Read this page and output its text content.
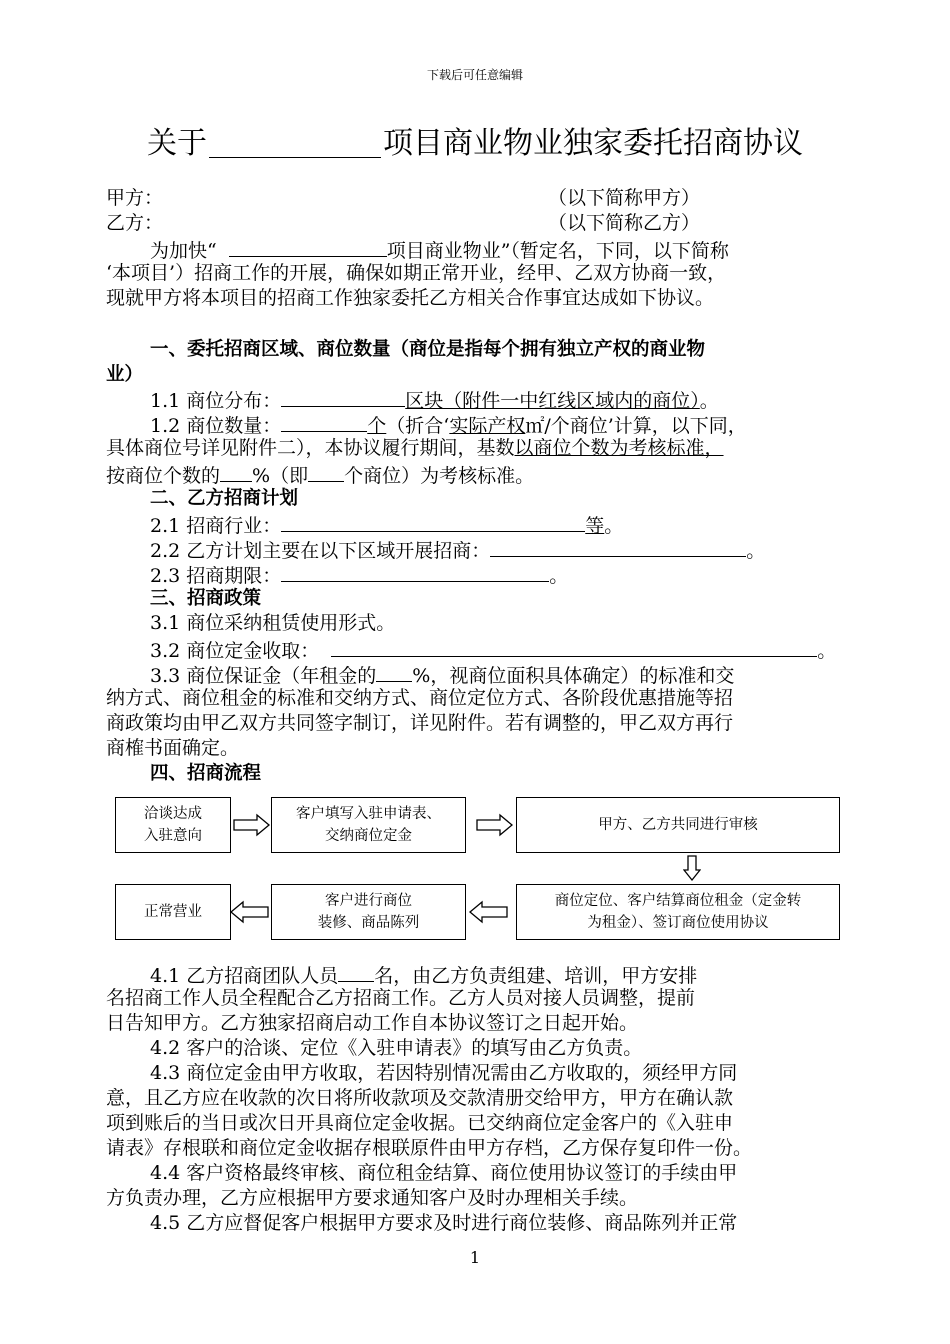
下载后可任意编辑
关于	项目商业物业独家委托招商协议
甲方：	（以下简称甲方）
乙方：	（以下简称乙方）
为加快“	项目商业物业”（暂定名，下同，以下简称
‘本项目’）招商工作的开展，确保如期正常开业，经甲、乙双方协商一致，
现就甲方将本项目的招商工作独家委托乙方相关合作事宜达成如下协议。
一、委托招商区域、商位数量（商位是指每个拥有独立产权的商业物
业）
1.1 商位分布：	区块（附件一中红线区域内的商位）。
1.2 商位数量：	个（折合‘实际产权㎡/个商位’计算，以下同，
具体商位号详见附件二），本协议履行期间，基数以商位个数为考核标准，
按商位个数的 %（即 个商位）为考核标准。
二、乙方招商计划
2.1 招商行业：	等。
2.2 乙方计划主要在以下区域开展招商：	。
2.3 招商期限：	。
三、招商政策
3.1 商位采纳租赁使用形式。
3.2 商位定金收取：	。
3.3 商位保证金（年租金的 %，视商位面积具体确定）的标准和交
纳方式、商位租金的标准和交纳方式、商位定位方式、各阶段优惠措施等招
商政策均由甲乙双方共同签字制订，详见附件。若有调整的，甲乙双方再行
商榷书面确定。
四、招商流程
洽谈达成
入驻意向
客户填写入驻申请表、
交纳商位定金
甲方、乙方共同进行审核
商位定位、客户结算商位租金（定金转
为租金）、签订商位使用协议
客户进行商位
装修、商品陈列
正常营业
4.1 乙方招商团队人员 名，由乙方负责组建、培训，甲方安排
名招商工作人员全程配合乙方招商工作。乙方人员对接人员调整，提前
日告知甲方。乙方独家招商启动工作自本协议签订之日起开始。
4.2 客户的洽谈、定位《入驻申请表》的填写由乙方负责。
4.3 商位定金由甲方收取，若因特别情况需由乙方收取的，须经甲方同
意，且乙方应在收款的次日将所收款项及交款清册交给甲方，甲方在确认款
项到账后的当日或次日开具商位定金收据。已交纳商位定金客户的《入驻申
请表》存根联和商位定金收据存根联原件由甲方存档，乙方保存复印件一份。
4.4 客户资格最终审核、商位租金结算、商位使用协议签订的手续由甲
方负责办理，乙方应根据甲方要求通知客户及时办理相关手续。
4.5 乙方应督促客户根据甲方要求及时进行商位装修、商品陈列并正常
1
